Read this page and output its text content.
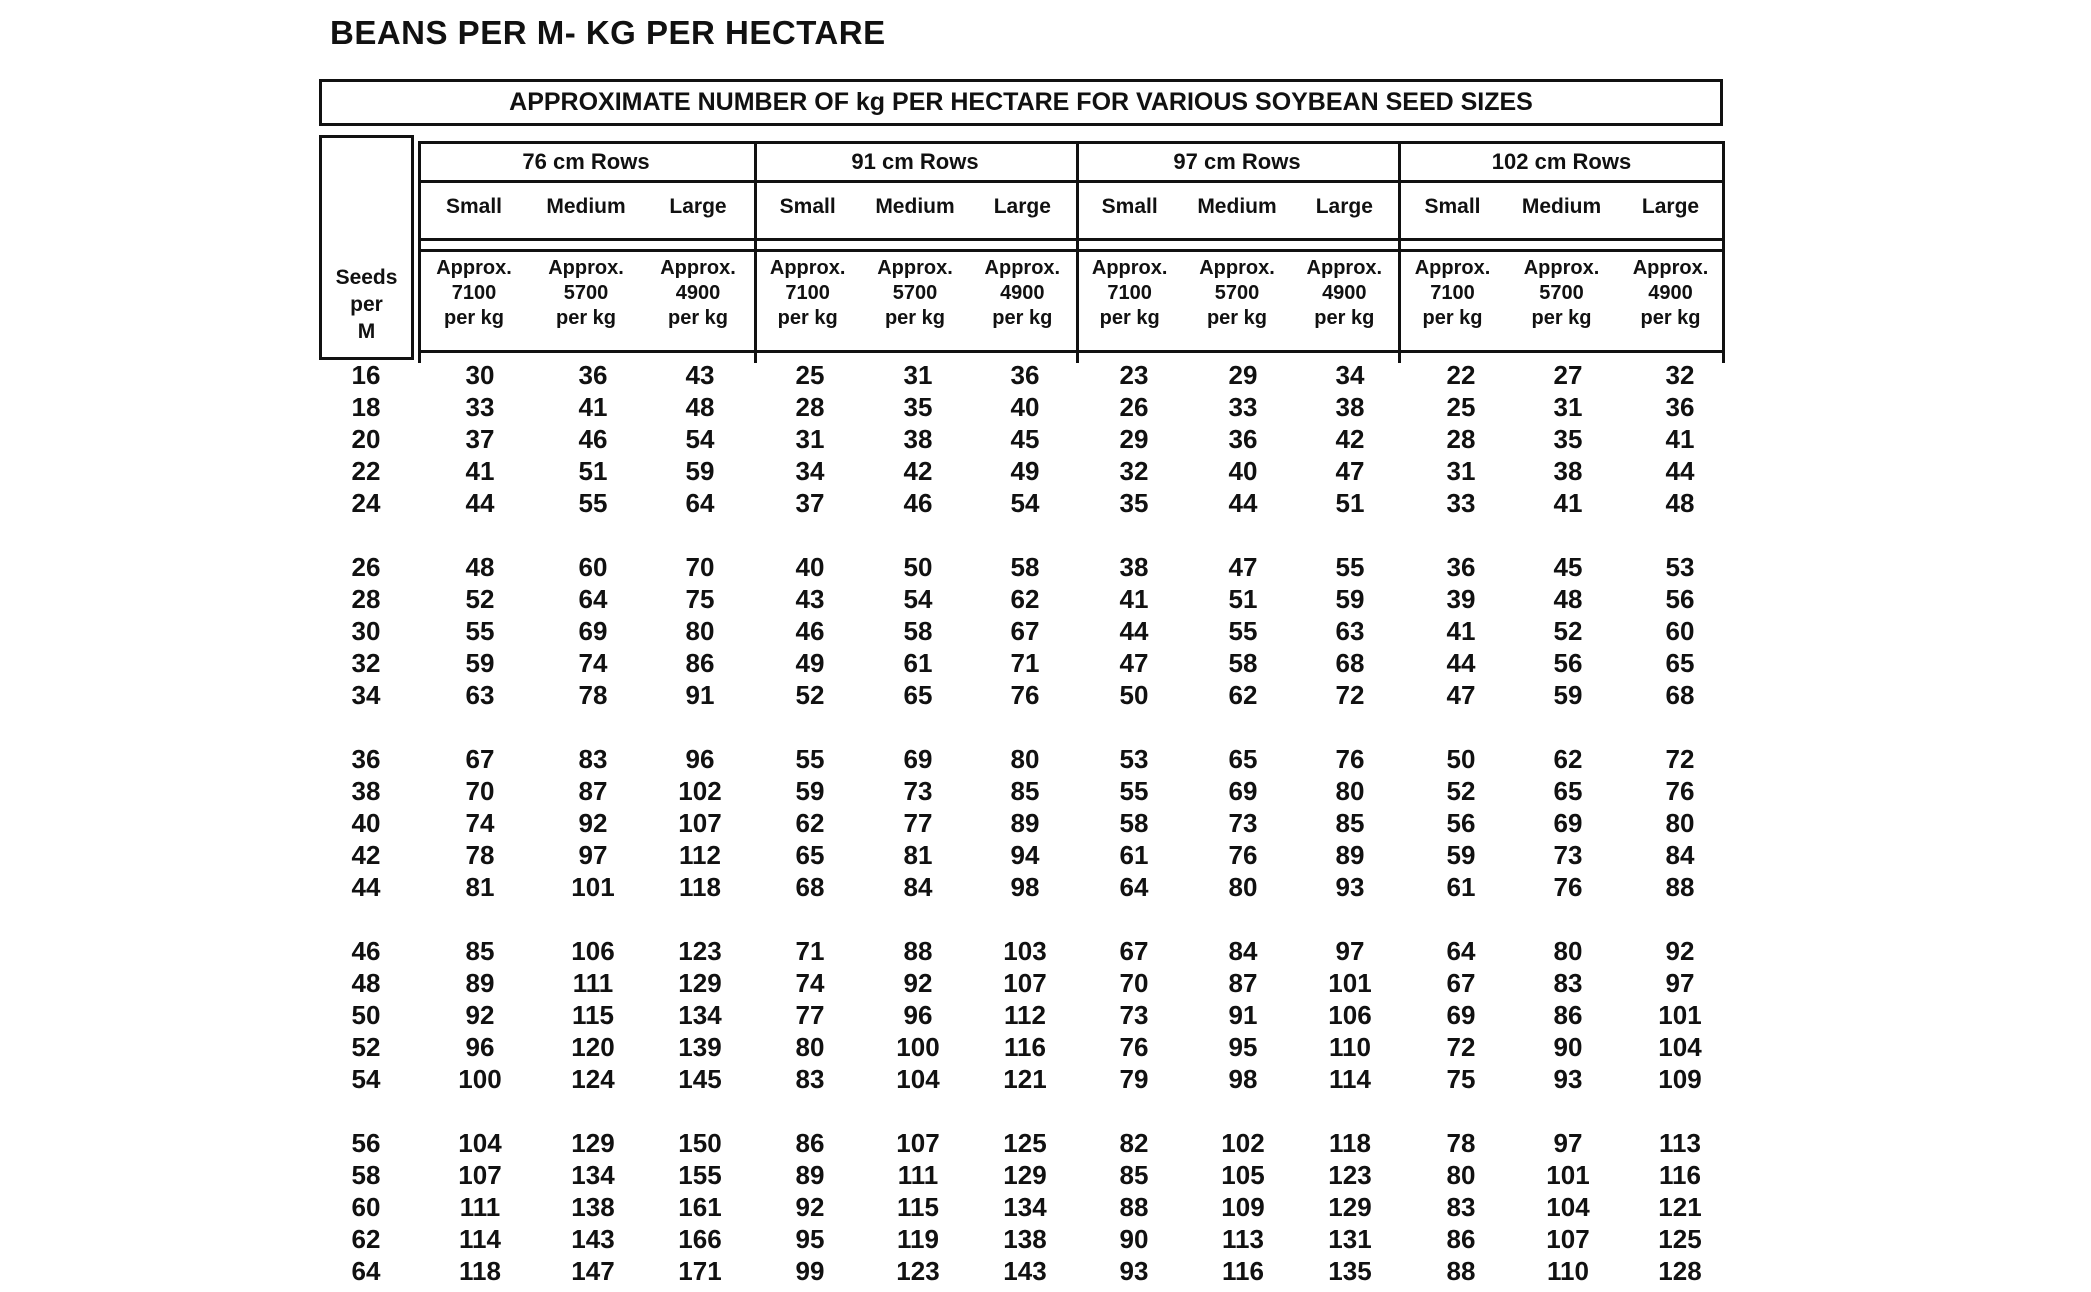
BEANS PER M- KG PER HECTARE
APPROXIMATE NUMBER OF kg PER HECTARE FOR VARIOUS SOYBEAN SEED SIZES
Seeds
per
M
76 cm Rows
Small	Medium	Large
Approx.
7100
per kg
Approx.
5700
per kg
Approx.
4900
per kg
91 cm Rows
Small	Medium	Large
Approx.
7100
per kg
Approx.
5700
per kg
Approx.
4900
per kg
97 cm Rows
Small	Medium	Large
Approx.
7100
per kg
Approx.
5700
per kg
Approx.
4900
per kg
102 cm Rows
Small	Medium	Large
Approx.
7100
per kg
Approx.
5700
per kg
Approx.
4900
per kg
16	30	36	43	25	31	36	23	29	34	22	27	32
18	33	41	48	28	35	40	26	33	38	25	31	36
20	37	46	54	31	38	45	29	36	42	28	35	41
22	41	51	59	34	42	49	32	40	47	31	38	44
24	44	55	64	37	46	54	35	44	51	33	41	48
26	48	60	70	40	50	58	38	47	55	36	45	53
28	52	64	75	43	54	62	41	51	59	39	48	56
30	55	69	80	46	58	67	44	55	63	41	52	60
32	59	74	86	49	61	71	47	58	68	44	56	65
34	63	78	91	52	65	76	50	62	72	47	59	68
36	67	83	96	55	69	80	53	65	76	50	62	72
38	70	87	102	59	73	85	55	69	80	52	65	76
40	74	92	107	62	77	89	58	73	85	56	69	80
42	78	97	112	65	81	94	61	76	89	59	73	84
44	81	101	118	68	84	98	64	80	93	61	76	88
46	85	106	123	71	88	103	67	84	97	64	80	92
48	89	111	129	74	92	107	70	87	101	67	83	97
50	92	115	134	77	96	112	73	91	106	69	86	101
52	96	120	139	80	100	116	76	95	110	72	90	104
54	100	124	145	83	104	121	79	98	114	75	93	109
56	104	129	150	86	107	125	82	102	118	78	97	113
58	107	134	155	89	111	129	85	105	123	80	101	116
60	111	138	161	92	115	134	88	109	129	83	104	121
62	114	143	166	95	119	138	90	113	131	86	107	125
64	118	147	171	99	123	143	93	116	135	88	110	128
